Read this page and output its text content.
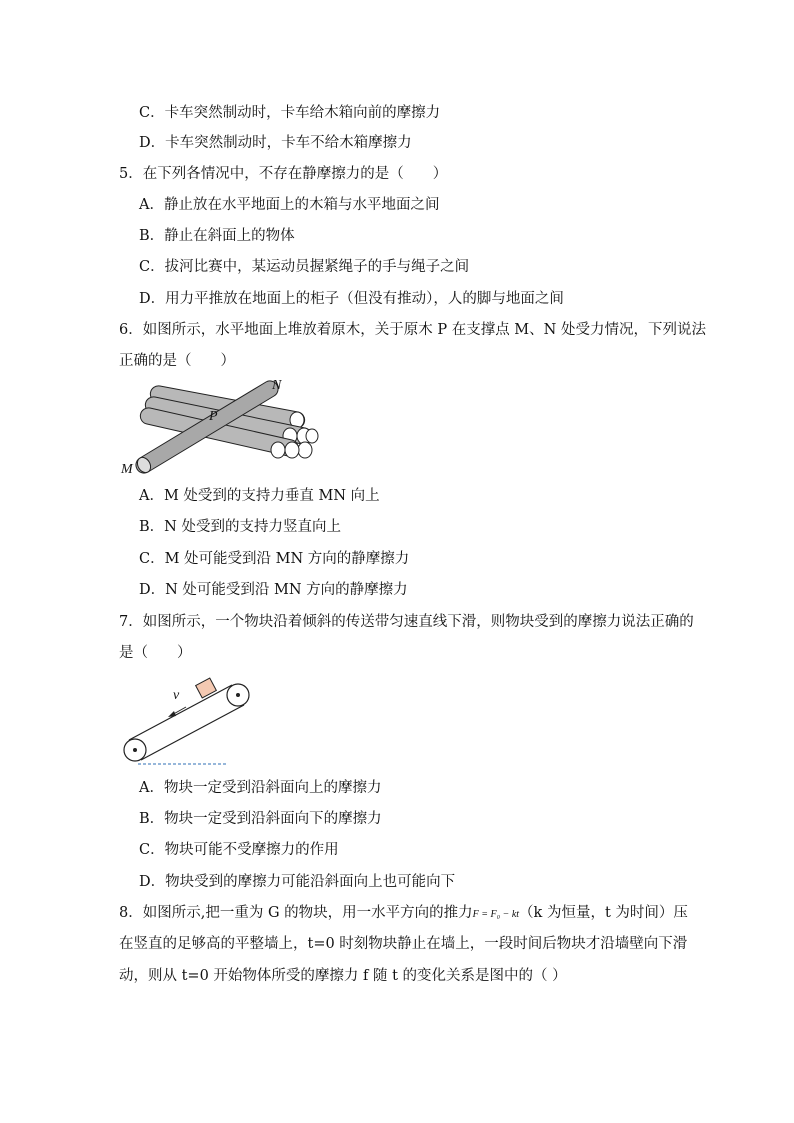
C．卡车突然制动时，卡车给木箱向前的摩擦力
D．卡车突然制动时，卡车不给木箱摩擦力
5．在下列各情况中，不存在静摩擦力的是（　　）
A．静止放在水平地面上的木箱与水平地面之间
B．静止在斜面上的物体
C．拔河比赛中，某运动员握紧绳子的手与绳子之间
D．用力平推放在地面上的柜子（但没有推动），人的脚与地面之间
6．如图所示，水平地面上堆放着原木，关于原木 P 在支撑点 M、N 处受力情况，下列说法
正确的是（　　）
N
P
M
A．M 处受到的支持力垂直 MN 向上
B．N 处受到的支持力竖直向上
C．M 处可能受到沿 MN 方向的静摩擦力
D．N 处可能受到沿 MN 方向的静摩擦力
7．如图所示，一个物块沿着倾斜的传送带匀速直线下滑，则物块受到的摩擦力说法正确的
是（　　）
v
A．物块一定受到沿斜面向上的摩擦力
B．物块一定受到沿斜面向下的摩擦力
C．物块可能不受摩擦力的作用
D．物块受到的摩擦力可能沿斜面向上也可能向下
8．如图所示,把一重为 G 的物块，用一水平方向的推力F = F₀ − kt（k 为恒量，t 为时间）压
在竖直的足够高的平整墙上，t=0 时刻物块静止在墙上，一段时间后物块才沿墙壁向下滑
动，则从 t=0 开始物体所受的摩擦力 f 随 t 的变化关系是图中的（ ）
